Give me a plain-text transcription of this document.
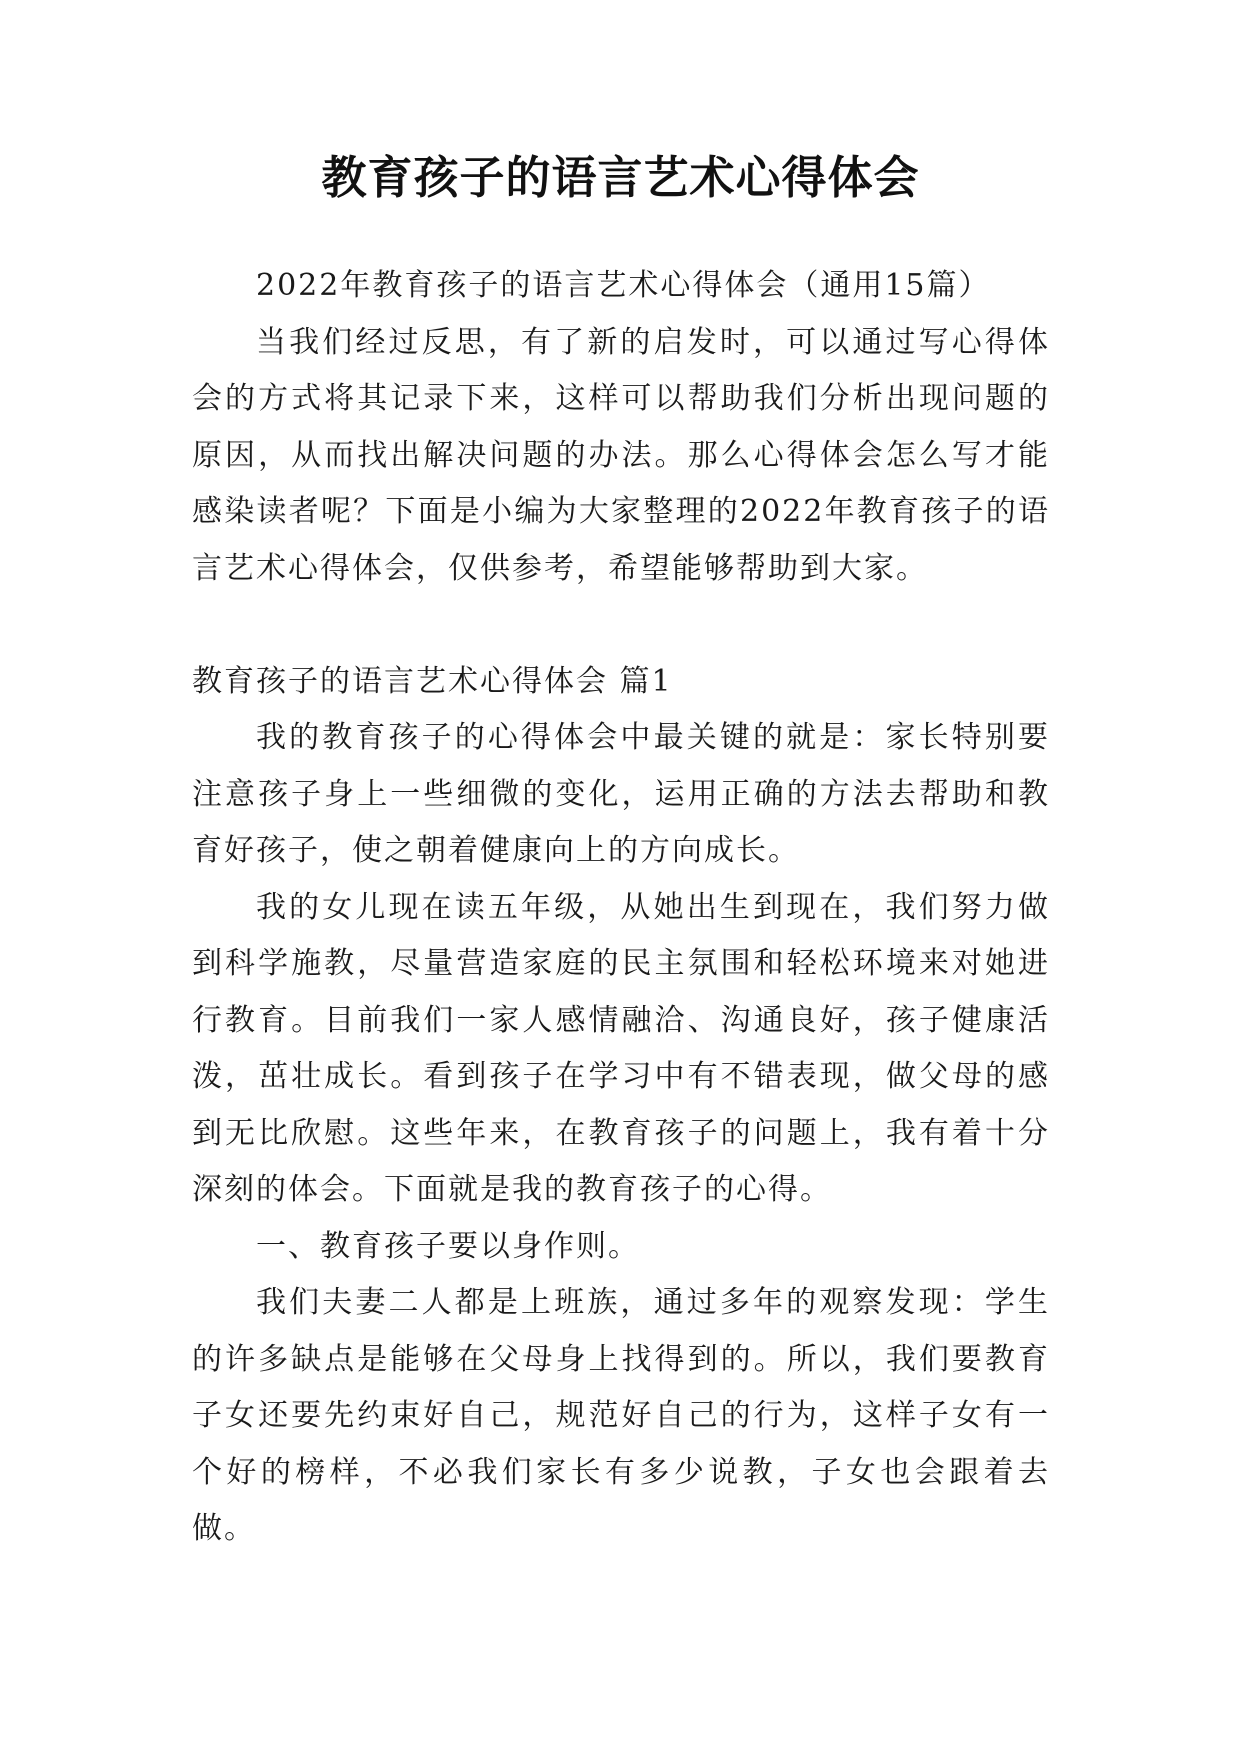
教育孩子的语言艺术心得体会

2022年教育孩子的语言艺术心得体会（通用15篇）

当我们经过反思，有了新的启发时，可以通过写心得体会的方式将其记录下来，这样可以帮助我们分析出现问题的原因，从而找出解决问题的办法。那么心得体会怎么写才能感染读者呢？下面是小编为大家整理的2022年教育孩子的语言艺术心得体会，仅供参考，希望能够帮助到大家。

教育孩子的语言艺术心得体会 篇1

我的教育孩子的心得体会中最关键的就是：家长特别要注意孩子身上一些细微的变化，运用正确的方法去帮助和教育好孩子，使之朝着健康向上的方向成长。

我的女儿现在读五年级，从她出生到现在，我们努力做到科学施教，尽量营造家庭的民主氛围和轻松环境来对她进行教育。目前我们一家人感情融洽、沟通良好，孩子健康活泼，茁壮成长。看到孩子在学习中有不错表现，做父母的感到无比欣慰。这些年来，在教育孩子的问题上，我有着十分深刻的体会。下面就是我的教育孩子的心得。

一、教育孩子要以身作则。

我们夫妻二人都是上班族，通过多年的观察发现：学生的许多缺点是能够在父母身上找得到的。所以，我们要教育子女还要先约束好自己，规范好自己的行为，这样子女有一个好的榜样，不必我们家长有多少说教，子女也会跟着去做。
